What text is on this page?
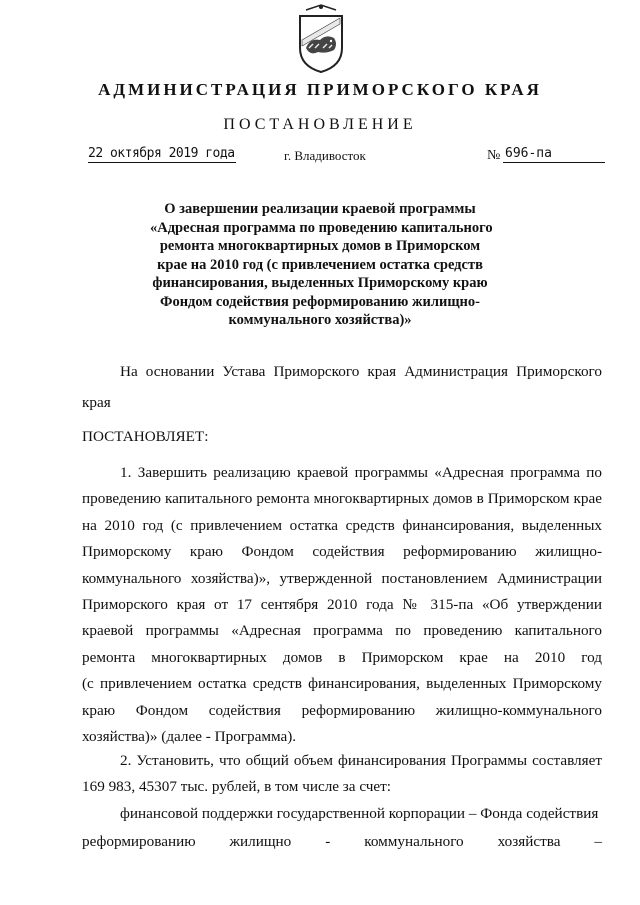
АДМИНИСТРАЦИЯ ПРИМОРСКОГО КРАЯ
ПОСТАНОВЛЕНИЕ
22 октября 2019 года	г. Владивосток	№ 696-па
О завершении реализации краевой программы
«Адресная программа по проведению капитального
ремонта многоквартирных домов в Приморском
крае на 2010 год (с привлечением остатка средств
финансирования, выделенных Приморскому краю
Фондом содействия реформированию жилищно-
коммунального хозяйства)»
На основании Устава Приморского края Администрация Приморского
края
ПОСТАНОВЛЯЕТ:
1. Завершить реализацию краевой программы «Адресная программа по
проведению капитального ремонта многоквартирных домов в Приморском крае
на 2010 год (с привлечением остатка средств финансирования, выделенных
Приморскому краю Фондом содействия реформированию жилищно-
коммунального хозяйства)», утвержденной постановлением Администрации
Приморского края от 17 сентября 2010 года № 315-па «Об утверждении
краевой программы «Адресная программа по проведению капитального
ремонта многоквартирных домов в Приморском крае на 2010 год
(с привлечением остатка средств финансирования, выделенных Приморскому
краю Фондом содействия реформированию жилищно-коммунального
хозяйства)» (далее - Программа).
2. Установить, что общий объем финансирования Программы составляет
169 983, 45307 тыс. рублей, в том числе за счет:
финансовой поддержки государственной корпорации – Фонда содействия
реформированию жилищно - коммунального хозяйства –
